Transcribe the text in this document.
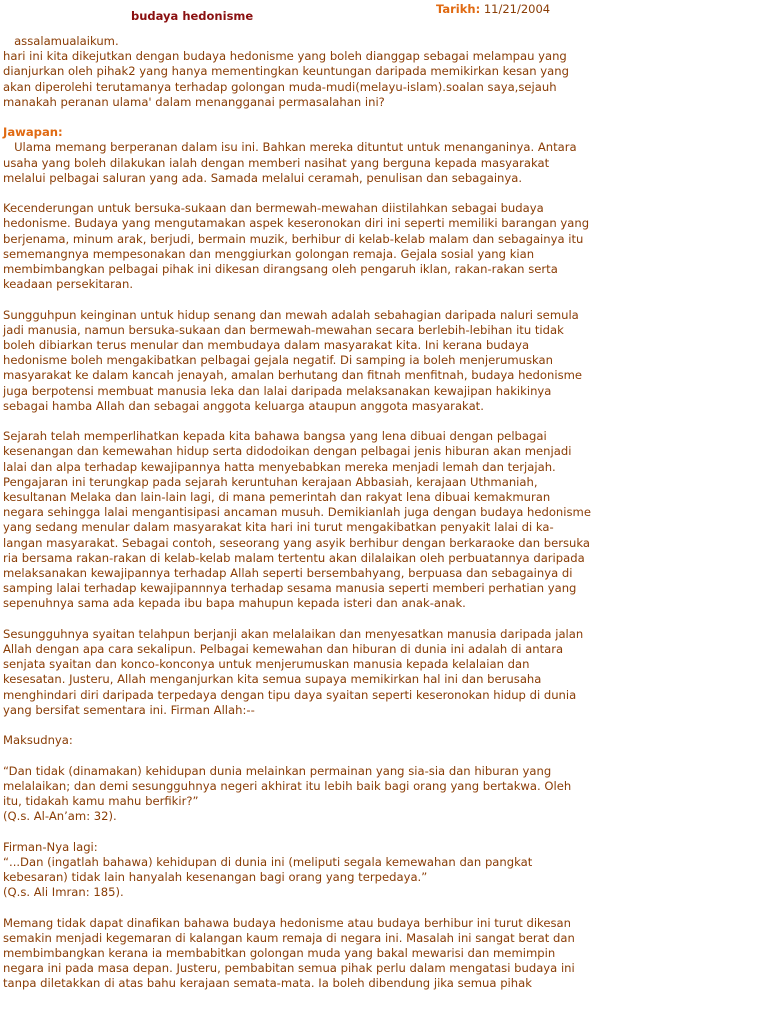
budaya hedonisme	Tarikh: 11/21/2004

assalamualaikum.
hari ini kita dikejutkan dengan budaya hedonisme yang boleh dianggap sebagai melampau yang
dianjurkan oleh pihak2 yang hanya mementingkan keuntungan daripada memikirkan kesan yang
akan diperolehi terutamanya terhadap golongan muda-mudi(melayu-islam).soalan saya,sejauh
manakah peranan ulama' dalam menangganai permasalahan ini?

Jawapan:

Ulama memang berperanan dalam isu ini. Bahkan mereka dituntut untuk menanganinya. Antara
usaha yang boleh dilakukan ialah dengan memberi nasihat yang berguna kepada masyarakat
melalui pelbagai saluran yang ada. Samada melalui ceramah, penulisan dan sebagainya.

Kecenderungan untuk bersuka-sukaan dan bermewah-mewahan diistilahkan sebagai budaya
hedonisme. Budaya yang mengutamakan aspek keseronokan diri ini seperti memiliki barangan yang
berjenama, minum arak, berjudi, bermain muzik, berhibur di kelab-kelab malam dan sebagainya itu
sememangnya mempesonakan dan menggiurkan golongan remaja. Gejala sosial yang kian
membimbangkan pelbagai pihak ini dikesan dirangsang oleh pengaruh iklan, rakan-rakan serta
keadaan persekitaran.

Sungguhpun keinginan untuk hidup senang dan mewah adalah sebahagian daripada naluri semula
jadi manusia, namun bersuka-sukaan dan bermewah-mewahan secara berlebih-lebihan itu tidak
boleh dibiarkan terus menular dan membudaya dalam masyarakat kita. Ini kerana budaya
hedonisme boleh mengakibatkan pelbagai gejala negatif. Di samping ia boleh menjerumuskan
masyarakat ke dalam kancah jenayah, amalan berhutang dan fitnah menfitnah, budaya hedonisme
juga berpotensi membuat manusia leka dan lalai daripada melaksanakan kewajipan hakikinya
sebagai hamba Allah dan sebagai anggota keluarga ataupun anggota masyarakat.

Sejarah telah memperlihatkan kepada kita bahawa bangsa yang lena dibuai dengan pelbagai
kesenangan dan kemewahan hidup serta didodoikan dengan pelbagai jenis hiburan akan menjadi
lalai dan alpa terhadap kewajipannya hatta menyebabkan mereka menjadi lemah dan terjajah.
Pengajaran ini terungkap pada sejarah keruntuhan kerajaan Abbasiah, kerajaan Uthmaniah,
kesultanan Melaka dan lain-lain lagi, di mana pemerintah dan rakyat lena dibuai kemakmuran
negara sehingga lalai mengantisipasi ancaman musuh. Demikianlah juga dengan budaya hedonisme
yang sedang menular dalam masyarakat kita hari ini turut mengakibatkan penyakit lalai di ka-
langan masyarakat. Sebagai contoh, seseorang yang asyik berhibur dengan berkaraoke dan bersuka
ria bersama rakan-rakan di kelab-kelab malam tertentu akan dilalaikan oleh perbuatannya daripada
melaksanakan kewajipannya terhadap Allah seperti bersembahyang, berpuasa dan sebagainya di
samping lalai terhadap kewajipannnya terhadap sesama manusia seperti memberi perhatian yang
sepenuhnya sama ada kepada ibu bapa mahupun kepada isteri dan anak-anak.

Sesungguhnya syaitan telahpun berjanji akan melalaikan dan menyesatkan manusia daripada jalan
Allah dengan apa cara sekalipun. Pelbagai kemewahan dan hiburan di dunia ini adalah di antara
senjata syaitan dan konco-konconya untuk menjerumuskan manusia kepada kelalaian dan
kesesatan. Justeru, Allah menganjurkan kita semua supaya memikirkan hal ini dan berusaha
menghindari diri daripada terpedaya dengan tipu daya syaitan seperti keseronokan hidup di dunia
yang bersifat sementara ini. Firman Allah:--

Maksudnya:

“Dan tidak (dinamakan) kehidupan dunia melainkan permainan yang sia-sia dan hiburan yang
melalaikan; dan demi sesungguhnya negeri akhirat itu lebih baik bagi orang yang bertakwa. Oleh
itu, tidakah kamu mahu berfikir?”
(Q.s. Al-An’am: 32).

Firman-Nya lagi:
“...Dan (ingatlah bahawa) kehidupan di dunia ini (meliputi segala kemewahan dan pangkat
kebesaran) tidak lain hanyalah kesenangan bagi orang yang terpedaya.”
(Q.s. Ali Imran: 185).

Memang tidak dapat dinafikan bahawa budaya hedonisme atau budaya berhibur ini turut dikesan
semakin menjadi kegemaran di kalangan kaum remaja di negara ini. Masalah ini sangat berat dan
membimbangkan kerana ia membabitkan golongan muda yang bakal mewarisi dan memimpin
negara ini pada masa depan. Justeru, pembabitan semua pihak perlu dalam mengatasi budaya ini
tanpa diletakkan di atas bahu kerajaan semata-mata. Ia boleh dibendung jika semua pihak
